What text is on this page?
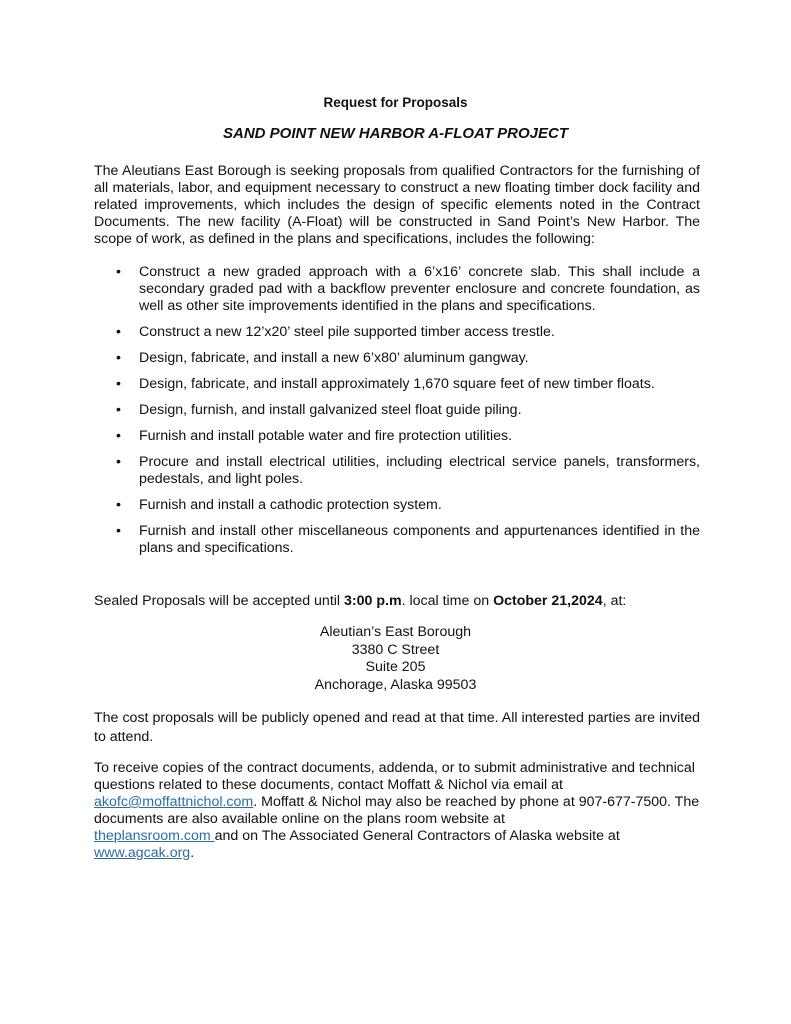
Request for Proposals
SAND POINT NEW HARBOR A-FLOAT PROJECT

The Aleutians East Borough is seeking proposals from qualified Contractors for the furnishing of all materials, labor, and equipment necessary to construct a new floating timber dock facility and related improvements, which includes the design of specific elements noted in the Contract Documents. The new facility (A-Float) will be constructed in Sand Point’s New Harbor. The scope of work, as defined in the plans and specifications, includes the following:

• Construct a new graded approach with a 6’x16’ concrete slab. This shall include a secondary graded pad with a backflow preventer enclosure and concrete foundation, as well as other site improvements identified in the plans and specifications.
• Construct a new 12’x20’ steel pile supported timber access trestle.
• Design, fabricate, and install a new 6’x80’ aluminum gangway.
• Design, fabricate, and install approximately 1,670 square feet of new timber floats.
• Design, furnish, and install galvanized steel float guide piling.
• Furnish and install potable water and fire protection utilities.
• Procure and install electrical utilities, including electrical service panels, transformers, pedestals, and light poles.
• Furnish and install a cathodic protection system.
• Furnish and install other miscellaneous components and appurtenances identified in the plans and specifications.

Sealed Proposals will be accepted until 3:00 p.m. local time on October 21,2024, at:

Aleutian’s East Borough
3380 C Street
Suite 205
Anchorage, Alaska 99503

The cost proposals will be publicly opened and read at that time. All interested parties are invited to attend.

To receive copies of the contract documents, addenda, or to submit administrative and technical questions related to these documents, contact Moffatt & Nichol via email at
akofc@moffattnichol.com. Moffatt & Nichol may also be reached by phone at 907-677-7500. The documents are also available online on the plans room website at
theplansroom.com and on The Associated General Contractors of Alaska website at
www.agcak.org.
